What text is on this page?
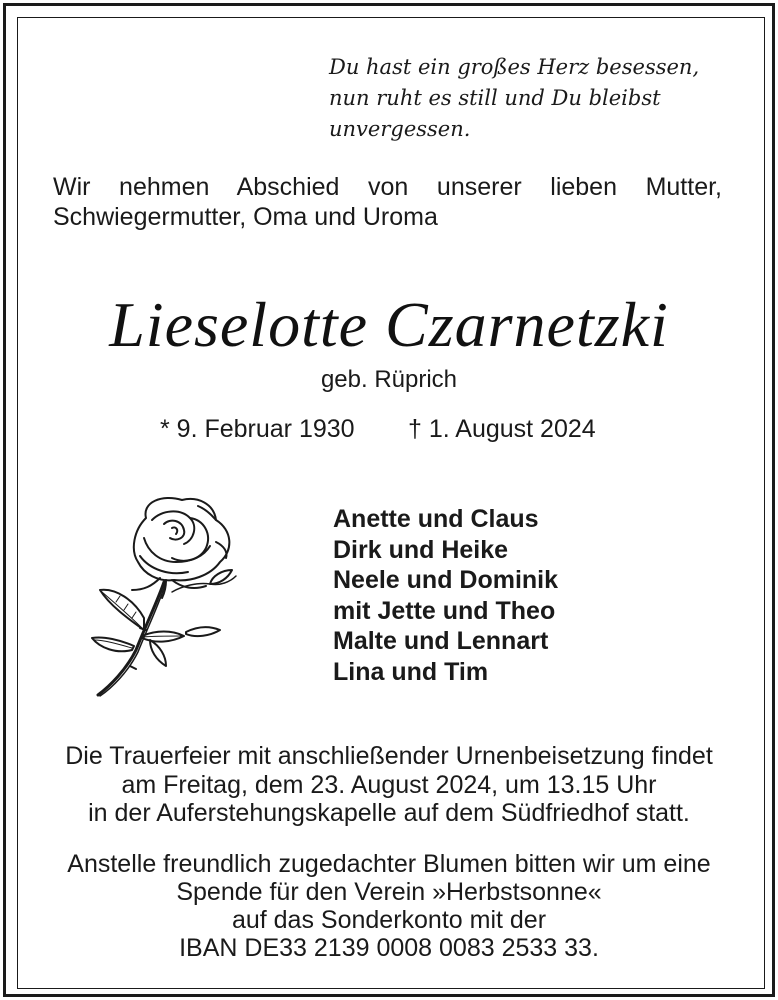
Du hast ein großes Herz besessen,
nun ruht es still und Du bleibst
unvergessen.
Wir nehmen Abschied von unserer lieben Mutter,
Schwiegermutter, Oma und Uroma
Lieselotte Czarnetzki
geb. Rüprich
* 9. Februar 1930 † 1. August 2024
Anette und Claus
Dirk und Heike
Neele und Dominik
mit Jette und Theo
Malte und Lennart
Lina und Tim
Die Trauerfeier mit anschließender Urnenbeisetzung findet
am Freitag, dem 23. August 2024, um 13.15 Uhr
in der Auferstehungskapelle auf dem Südfriedhof statt.
Anstelle freundlich zugedachter Blumen bitten wir um eine
Spende für den Verein »Herbstsonne«
auf das Sonderkonto mit der
IBAN DE33 2139 0008 0083 2533 33.
